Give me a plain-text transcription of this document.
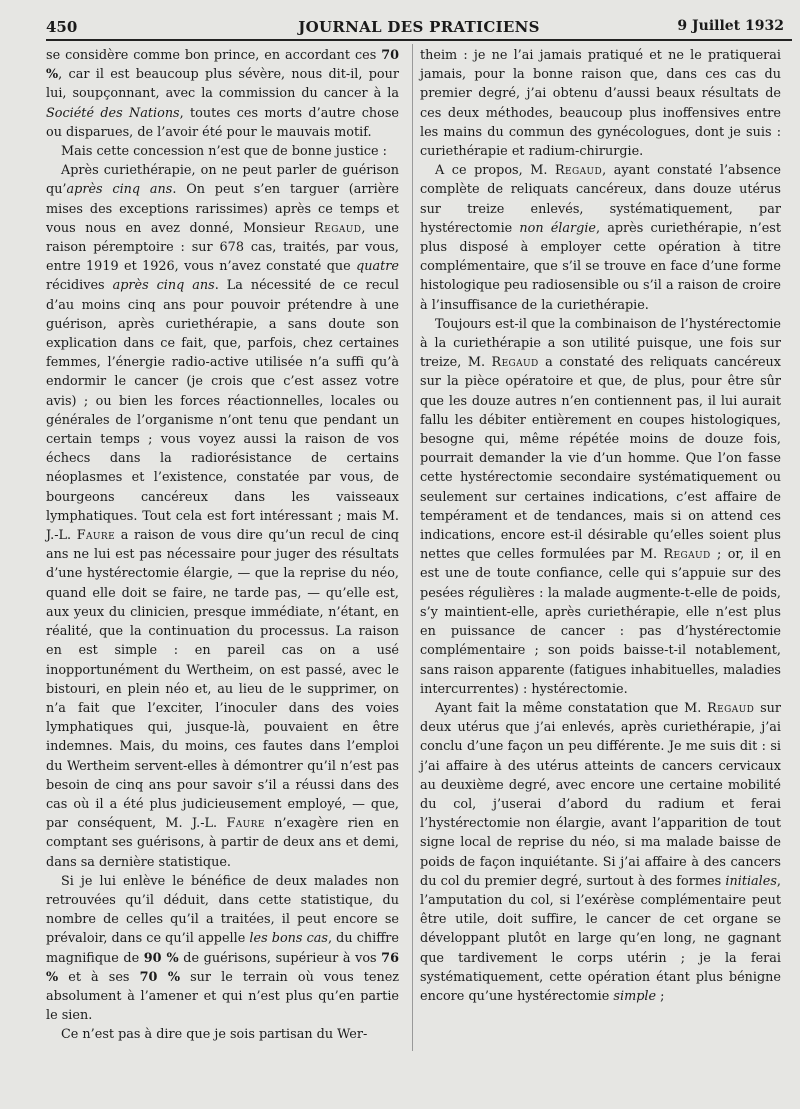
450	JOURNAL DES PRATICIENS	9 Juillet 1932

se considère comme bon prince, en accordant ces 70 %, car il est beaucoup plus sévère, nous dit-il, pour lui, soupçonnant, avec la commission du cancer à la Société des Nations, toutes ces morts d’autre chose ou disparues, de l’avoir été pour le mauvais motif.

Mais cette concession n’est que de bonne justice :

Après curiethérapie, on ne peut parler de guérison qu’après cinq ans. On peut s’en targuer (arrière mises des exceptions rarissimes) après ce temps et vous nous en avez donné, Monsieur Regaud, une raison péremptoire : sur 678 cas, traités, par vous, entre 1919 et 1926, vous n’avez constaté que quatre récidives après cinq ans. La nécessité de ce recul d’au moins cinq ans pour pouvoir prétendre à une guérison, après curiethérapie, a sans doute son explication dans ce fait, que, parfois, chez certaines femmes, l’énergie radio-active utilisée n’a suffi qu’à endormir le cancer (je crois que c’est assez votre avis) ; ou bien les forces réactionnelles, locales ou générales de l’organisme n’ont tenu que pendant un certain temps ; vous voyez aussi la raison de vos échecs dans la radiorésistance de certains néoplasmes et l’existence, constatée par vous, de bourgeons cancéreux dans les vaisseaux lymphatiques. Tout cela est fort intéressant ; mais M. J.-L. Faure a raison de vous dire qu’un recul de cinq ans ne lui est pas nécessaire pour juger des résultats d’une hystérectomie élargie, — que la reprise du néo, quand elle doit se faire, ne tarde pas, — qu’elle est, aux yeux du clinicien, presque immédiate, n’étant, en réalité, que la continuation du processus. La raison en est simple : en pareil cas on a usé inopportunément du Wertheim, on est passé, avec le bistouri, en plein néo et, au lieu de le supprimer, on n’a fait que l’exciter, l’inoculer dans des voies lymphatiques qui, jusque-là, pouvaient en être indemnes. Mais, du moins, ces fautes dans l’emploi du Wertheim servent-elles à démontrer qu’il n’est pas besoin de cinq ans pour savoir s’il a réussi dans des cas où il a été plus judicieusement employé, — que, par conséquent, M. J.-L. Faure n’exagère rien en comptant ses guérisons, à partir de deux ans et demi, dans sa dernière statistique.

Si je lui enlève le bénéfice de deux malades non retrouvées qu’il déduit, dans cette statistique, du nombre de celles qu’il a traitées, il peut encore se prévaloir, dans ce qu’il appelle les bons cas, du chiffre magnifique de 90 % de guérisons, supérieur à vos 76 % et à ses 70 % sur le terrain où vous tenez absolument à l’amener et qui n’est plus qu’en partie le sien.

Ce n’est pas à dire que je sois partisan du Wer-

theim : je ne l’ai jamais pratiqué et ne le pratiquerai jamais, pour la bonne raison que, dans ces cas du premier degré, j’ai obtenu d’aussi beaux résultats de ces deux méthodes, beaucoup plus inoffensives entre les mains du commun des gynécologues, dont je suis : curiethérapie et radium-chirurgie.

A ce propos, M. Regaud, ayant constaté l’absence complète de reliquats cancéreux, dans douze utérus sur treize enlevés, systématiquement, par hystérectomie non élargie, après curiethérapie, n’est plus disposé à employer cette opération à titre complémentaire, que s’il se trouve en face d’une forme histologique peu radiosensible ou s’il a raison de croire à l’insuffisance de la curiethérapie.

Toujours est-il que la combinaison de l’hystérectomie à la curiethérapie a son utilité puisque, une fois sur treize, M. Regaud a constaté des reliquats cancéreux sur la pièce opératoire et que, de plus, pour être sûr que les douze autres n’en contiennent pas, il lui aurait fallu les débiter entièrement en coupes histologiques, besogne qui, même répétée moins de douze fois, pourrait demander la vie d’un homme. Que l’on fasse cette hystérectomie secondaire systématiquement ou seulement sur certaines indications, c’est affaire de tempérament et de tendances, mais si on attend ces indications, encore est-il désirable qu’elles soient plus nettes que celles formulées par M. Regaud ; or, il en est une de toute confiance, celle qui s’appuie sur des pesées régulières : la malade augmente-t-elle de poids, s’y maintient-elle, après curiethérapie, elle n’est plus en puissance de cancer : pas d’hystérectomie complémentaire ; son poids baisse-t-il notablement, sans raison apparente (fatigues inhabituelles, maladies intercurrentes) : hystérectomie.

Ayant fait la même constatation que M. Regaud sur deux utérus que j’ai enlevés, après curiethérapie, j’ai conclu d’une façon un peu différente. Je me suis dit : si j’ai affaire à des utérus atteints de cancers cervicaux au deuxième degré, avec encore une certaine mobilité du col, j’userai d’abord du radium et ferai l’hystérectomie non élargie, avant l’apparition de tout signe local de reprise du néo, si ma malade baisse de poids de façon inquiétante. Si j’ai affaire à des cancers du col du premier degré, surtout à des formes initiales, l’amputation du col, si l’exérèse complémentaire peut être utile, doit suffire, le cancer de cet organe se développant plutôt en large qu’en long, ne gagnant que tardivement le corps utérin ; je la ferai systématiquement, cette opération étant plus bénigne encore qu’une hystérectomie simple ;
